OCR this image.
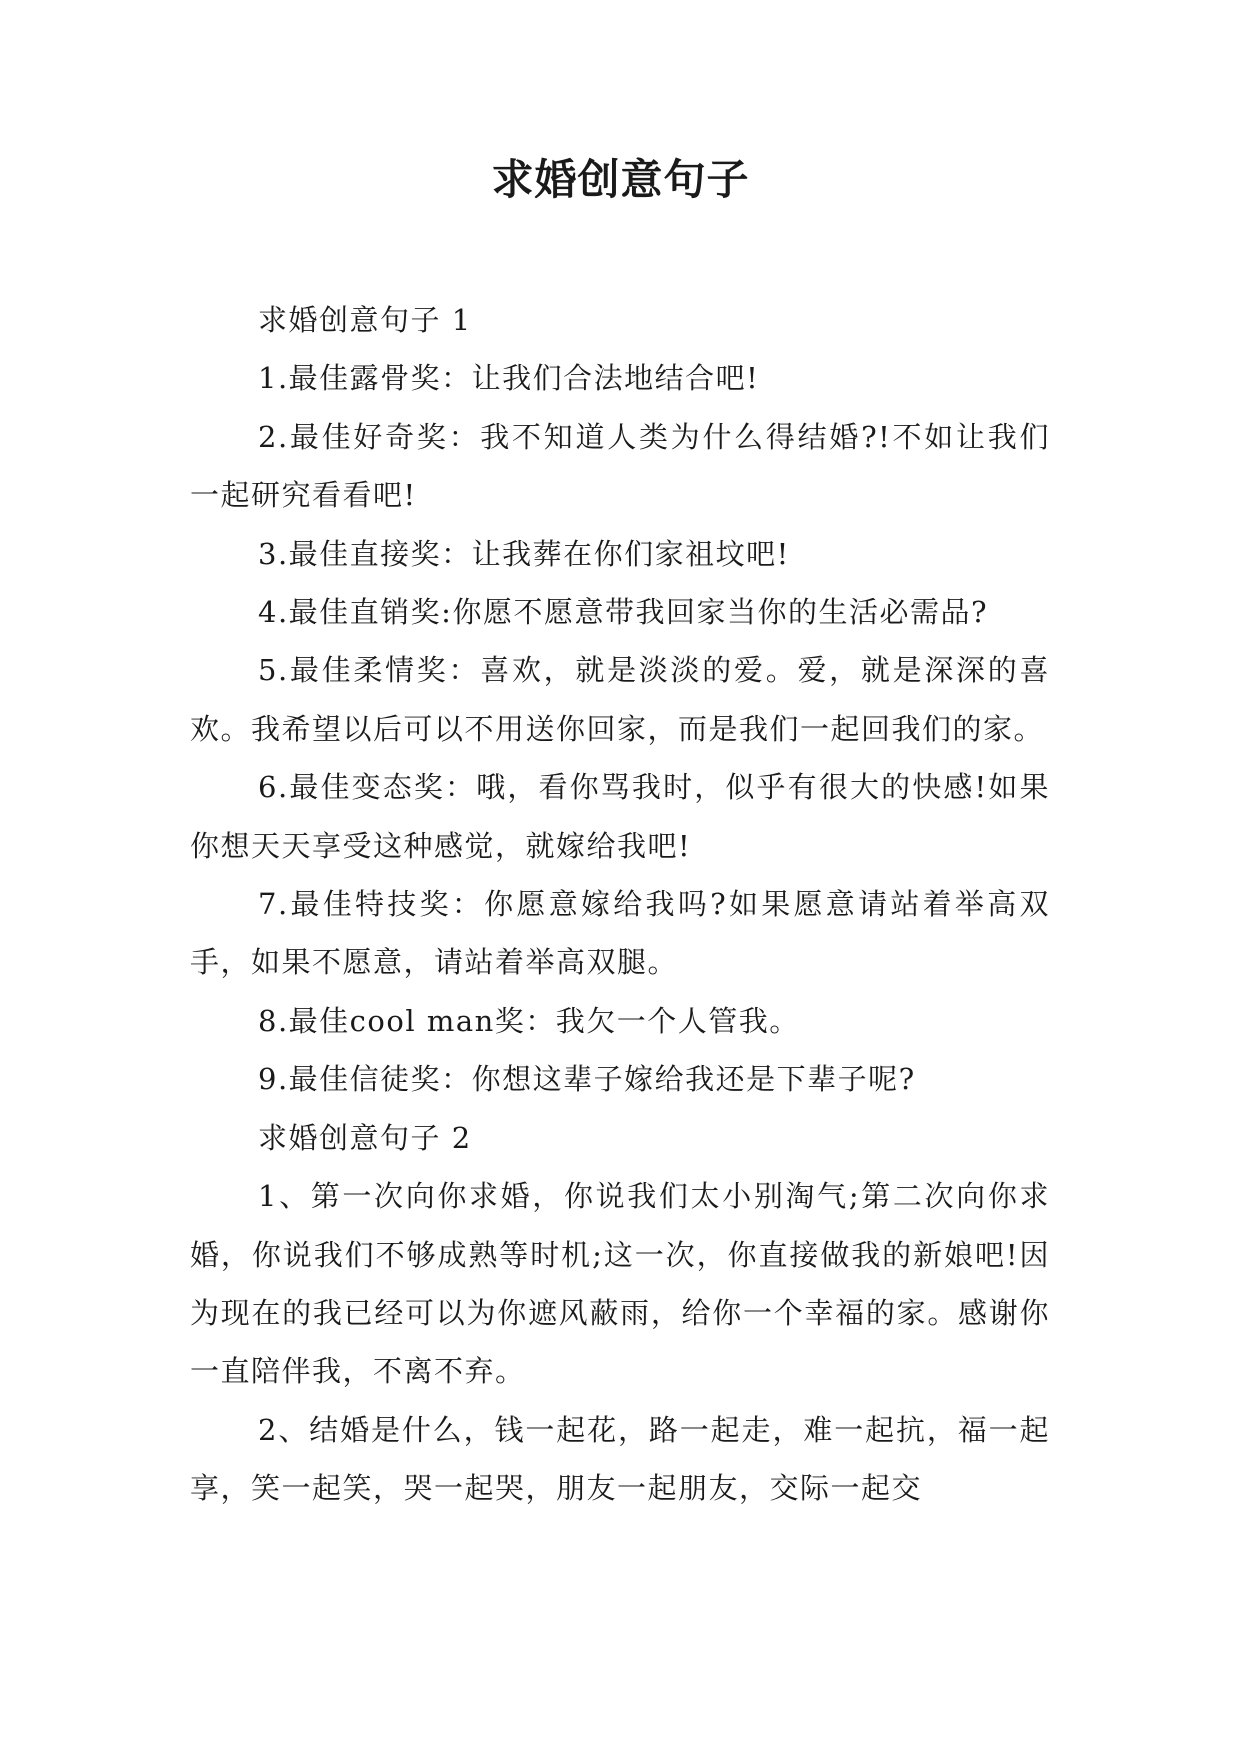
求婚创意句子

求婚创意句子 1

1.最佳露骨奖：让我们合法地结合吧!

2.最佳好奇奖：我不知道人类为什么得结婚?!不如让我们一起研究看看吧!

3.最佳直接奖：让我葬在你们家祖坟吧!

4.最佳直销奖:你愿不愿意带我回家当你的生活必需品?

5.最佳柔情奖：喜欢，就是淡淡的爱。爱，就是深深的喜欢。我希望以后可以不用送你回家，而是我们一起回我们的家。

6.最佳变态奖：哦，看你骂我时，似乎有很大的快感!如果你想天天享受这种感觉，就嫁给我吧!

7.最佳特技奖：你愿意嫁给我吗?如果愿意请站着举高双手，如果不愿意，请站着举高双腿。

8.最佳cool man奖：我欠一个人管我。

9.最佳信徒奖：你想这辈子嫁给我还是下辈子呢?

求婚创意句子 2

1、第一次向你求婚，你说我们太小别淘气;第二次向你求婚，你说我们不够成熟等时机;这一次，你直接做我的新娘吧!因为现在的我已经可以为你遮风蔽雨，给你一个幸福的家。感谢你一直陪伴我，不离不弃。

2、结婚是什么，钱一起花，路一起走，难一起抗，福一起享，笑一起笑，哭一起哭，朋友一起朋友，交际一起交
